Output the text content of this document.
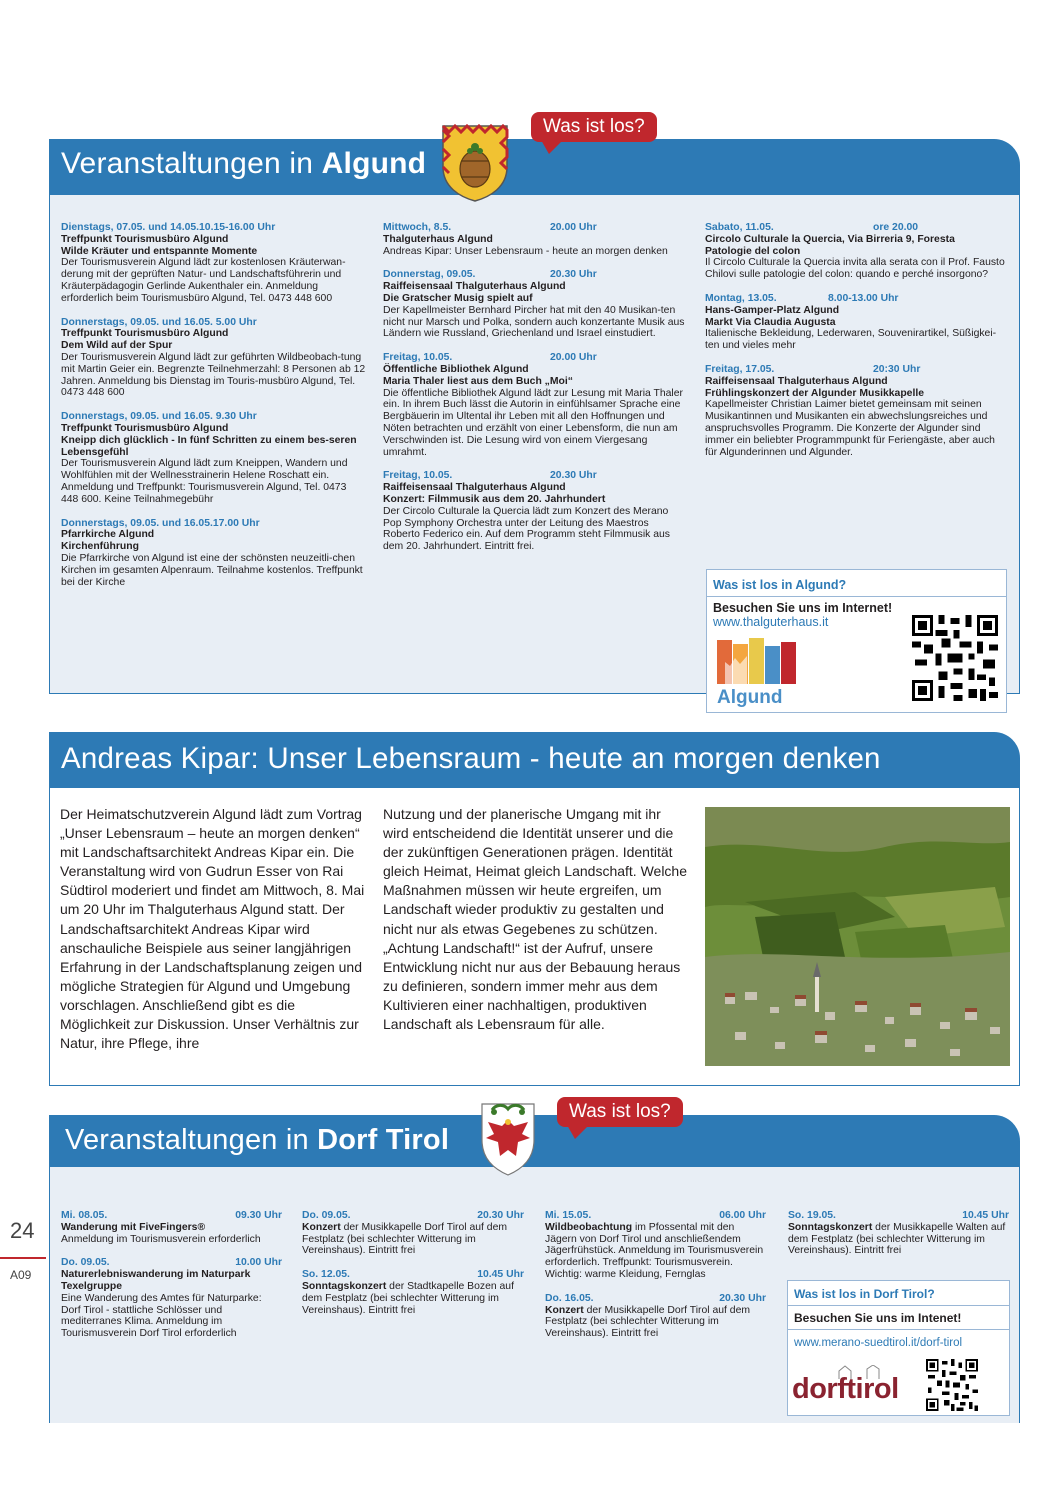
Veranstaltungen in Algund
Was ist los?
Dienstags, 07.05. und 14.05.10.15-16.00 Uhr
Treffpunkt Tourismusbüro Algund
Wilde Kräuter und entspannte Momente
Der Tourismusverein Algund lädt zur kostenlosen Kräuterwan-derung mit der geprüften Natur- und Landschaftsführerin und Kräuterpädagogin Gerlinde Aukenthaler ein. Anmeldung erforderlich beim Tourismusbüro Algund, Tel. 0473 448 600
Donnerstags, 09.05. und 16.05. 5.00 Uhr
Treffpunkt Tourismusbüro Algund
Dem Wild auf der Spur
Der Tourismusverein Algund lädt zur geführten Wildbeobach-tung mit Martin Geier ein. Begrenzte Teilnehmerzahl: 8 Personen ab 12 Jahren. Anmeldung bis Dienstag im Touris-musbüro Algund, Tel. 0473 448 600
Donnerstags, 09.05. und 16.05. 9.30 Uhr
Treffpunkt Tourismusbüro Algund
Kneipp dich glücklich - In fünf Schritten zu einem bes-seren Lebensgefühl
Der Tourismusverein Algund lädt zum Kneippen, Wandern und Wohlfühlen mit der Wellnesstrainerin Helene Roschatt ein. Anmeldung und Treffpunkt: Tourismusverein Algund, Tel. 0473 448 600. Keine Teilnahmegebühr
Donnerstags, 09.05. und 16.05.17.00 Uhr
Pfarrkirche Algund
Kirchenführung
Die Pfarrkirche von Algund ist eine der schönsten neuzeitli-chen Kirchen im gesamten Alpenraum. Teilnahme kostenlos. Treffpunkt bei der Kirche
Mittwoch, 8.5.	20.00 Uhr
Thalguterhaus Algund
Andreas Kipar: Unser Lebensraum - heute an morgen denken
Donnerstag, 09.05.	20.30 Uhr
Raiffeisensaal Thalguterhaus Algund
Die Gratscher Musig spielt auf
Der Kapellmeister Bernhard Pircher hat mit den 40 Musikan-ten nicht nur Marsch und Polka, sondern auch konzertante Musik aus Ländern wie Russland, Griechenland und Israel einstudiert.
Freitag, 10.05.	20.00 Uhr
Öffentliche Bibliothek Algund
Maria Thaler liest aus dem Buch „Moi“
Die öffentliche Bibliothek Algund lädt zur Lesung mit Maria Thaler ein. In ihrem Buch lässt die Autorin in einfühlsamer Sprache eine Bergbäuerin im Ultental ihr Leben mit all den Hoffnungen und Nöten betrachten und erzählt von einer Lebensform, die nun am Verschwinden ist. Die Lesung wird von einem Viergesang umrahmt.
Freitag, 10.05.	20.30 Uhr
Raiffeisensaal Thalguterhaus Algund
Konzert: Filmmusik aus dem 20. Jahrhundert
Der Circolo Culturale la Quercia lädt zum Konzert des Merano Pop Symphony Orchestra unter der Leitung des Maestros Roberto Federico ein. Auf dem Programm steht Filmmusik aus dem 20. Jahrhundert. Eintritt frei.
Sabato, 11.05.	ore 20.00
Circolo Culturale la Quercia, Via Birreria 9, Foresta
Patologie del colon
Il Circolo Culturale la Quercia invita alla serata con il Prof. Fausto Chilovi sulle patologie del colon: quando e perché insorgono?
Montag, 13.05.	8.00-13.00 Uhr
Hans-Gamper-Platz Algund
Markt Via Claudia Augusta
Italienische Bekleidung, Lederwaren, Souvenirartikel, Süßigkei-ten und vieles mehr
Freitag, 17.05.	20:30 Uhr
Raiffeisensaal Thalguterhaus Algund
Frühlingskonzert der Algunder Musikkapelle
Kapellmeister Christian Laimer bietet gemeinsam mit seinen Musikantinnen und Musikanten ein abwechslungsreiches und anspruchsvolles Programm. Die Konzerte der Algunder sind immer ein beliebter Programmpunkt für Feriengäste, aber auch für Algunderinnen und Algunder.
Was ist los in Algund?
Besuchen Sie uns im Internet!
www.thalguterhaus.it
Algund
Andreas Kipar: Unser Lebensraum - heute an morgen denken
Der Heimatschutzverein Algund lädt zum Vortrag „Unser Lebensraum – heute an morgen denken“ mit Landschaftsarchitekt Andreas Kipar ein. Die Veranstaltung wird von Gudrun Esser von Rai Südtirol moderiert und findet am Mittwoch, 8. Mai um 20 Uhr im Thalguterhaus Algund statt. Der Landschaftsarchitekt Andreas Kipar wird anschauliche Beispiele aus seiner langjährigen Erfahrung in der Landschaftsplanung zeigen und mögliche Strategien für Algund und Umgebung vorschlagen. Anschließend gibt es die Möglichkeit zur Diskussion. Unser Verhältnis zur Natur, ihre Pflege, ihre
Nutzung und der planerische Umgang mit ihr wird entscheidend die Identität unserer und die der zukünftigen Generationen prägen. Identität gleich Heimat, Heimat gleich Landschaft. Welche Maßnahmen müssen wir heute ergreifen, um Landschaft wieder produktiv zu gestalten und nicht nur als etwas Gegebenes zu schützen. „Achtung Landschaft!“ ist der Aufruf, unsere Entwicklung nicht nur aus der Bebauung heraus zu definieren, sondern immer mehr aus dem Kultivieren einer nachhaltigen, produktiven Landschaft als Lebensraum für alle.
Veranstaltungen in Dorf Tirol
Was ist los?
Mi. 08.05.	09.30 Uhr
Wanderung mit FiveFingers®
Anmeldung im Tourismusverein erforderlich
Do. 09.05.	10.00 Uhr
Naturerlebniswanderung im Naturpark Texelgruppe
Eine Wanderung des Amtes für Naturparke: Dorf Tirol - stattliche Schlösser und mediterranes Klima. Anmeldung im Tourismusverein Dorf Tirol erforderlich
Do. 09.05.	20.30 Uhr
Konzert der Musikkapelle Dorf Tirol auf dem Festplatz (bei schlechter Witterung im Vereinshaus). Eintritt frei
So. 12.05.	10.45 Uhr
Sonntagskonzert der Stadtkapelle Bozen auf dem Festplatz (bei schlechter Witterung im Vereinshaus). Eintritt frei
Mi. 15.05.	06.00 Uhr
Wildbeobachtung im Pfossental mit den Jägern von Dorf Tirol und anschließendem Jägerfrühstück. Anmeldung im Tourismusverein erforderlich. Treffpunkt: Tourismusverein. Wichtig: warme Kleidung, Fernglas
Do. 16.05.	20.30 Uhr
Konzert der Musikkapelle Dorf Tirol auf dem Festplatz (bei schlechter Witterung im Vereinshaus). Eintritt frei
So. 19.05.	10.45 Uhr
Sonntagskonzert der Musikkapelle Walten auf dem Festplatz (bei schlechter Witterung im Vereinshaus). Eintritt frei
Was ist los in Dorf Tirol?
Besuchen Sie uns im Intenet!
www.merano-suedtirol.it/dorf-tirol
dorftirol
24
A09
